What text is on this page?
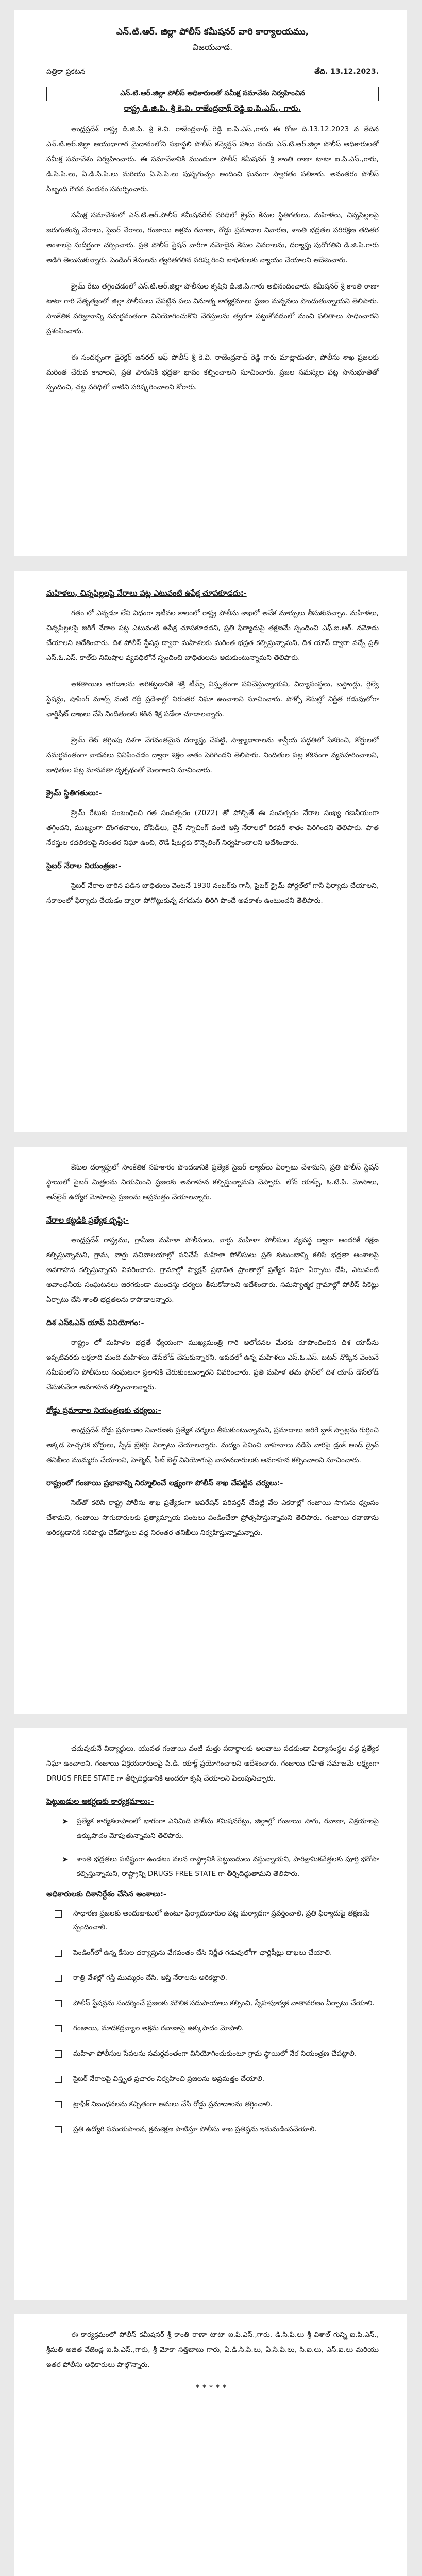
ఎన్.టి.ఆర్. జిల్లా పోలీస్ కమీషనర్ వారి కార్యాలయము,
విజయవాడ.
పత్రికా ప్రకటన	తేది. 13.12.2023.
ఎన్.టి.ఆర్.జిల్లా పోలీస్ అధికారులతో సమీక్ష సమావేశం నిర్వహించిన
రాష్ట్ర డి.జి.పి. శ్రీ కె.వి. రాజేంద్రనాథ్ రెడ్డి ఐ.పి.ఎస్., గారు.

ఆంధ్రప్రదేశ్ రాష్ట్ర డి.జి.పి. శ్రీ కె.వి. రాజేంద్రనాథ్ రెడ్డి ఐ.పి.ఎస్.,గారు ఈ రోజు ది.13.12.2023 వ తేదిన ఎన్.టి.ఆర్.జిల్లా ఆయుధాగార మైదానంలోని సభాస్థలి పోలీస్ కన్వెన్షన్ హాలు నందు ఎన్.టి.ఆర్.జిల్లా పోలీస్ అధికారులతో సమీక్ష సమావేశం నిర్వహించారు. ఈ సమావేశానికి ముందుగా పోలీస్ కమీషనర్ శ్రీ కాంతి రాణా టాటా ఐ.పి.ఎస్.,గారు, డి.సి.పి.లు, ఏ.డి.సి.పి.లు మరియు ఏ.సి.పి.లు పుష్పగుచ్చం అందించి ఘనంగా స్వాగతం పలికారు. అనంతరం పోలీస్ సిబ్బంది గౌరవ వందనం సమర్పించారు.

సమీక్ష సమావేశంలో ఎన్.టి.ఆర్.పోలీస్ కమీషనరేట్ పరిధిలో క్రైమ్ కేసుల స్థితిగతులు, మహిళలు, చిన్నపిల్లలపై జరుగుతున్న నేరాలు, సైబర్ నేరాలు, గంజాయి అక్రమ రవాణా, రోడ్డు ప్రమాదాల నివారణ, శాంతి భద్రతల పరిరక్షణ తదితర అంశాలపై సుదీర్ఘంగా చర్చించారు. ప్రతి పోలీస్ స్టేషన్ వారీగా నమోదైన కేసుల వివరాలను, దర్యాప్తు పురోగతిని డి.జి.పి.గారు అడిగి తెలుసుకున్నారు. పెండింగ్ కేసులను త్వరితగతిన పరిష్కరించి బాధితులకు న్యాయం చేయాలని ఆదేశించారు.

క్రైమ్ రేటు తగ్గించడంలో ఎన్.టి.ఆర్.జిల్లా పోలీసుల కృషిని డి.జి.పి.గారు అభినందించారు. కమీషనర్ శ్రీ కాంతి రాణా టాటా గారి నేతృత్వంలో జిల్లా పోలీసులు చేపట్టిన పలు వినూత్న కార్యక్రమాలు ప్రజల మన్ననలు పొందుతున్నాయని తెలిపారు. సాంకేతిక పరిజ్ఞానాన్ని సమర్థవంతంగా వినియోగించుకొని నేరస్తులను త్వరగా పట్టుకోవడంలో మంచి ఫలితాలు సాధించారని ప్రశంసించారు.

ఈ సందర్భంగా డైరెక్టర్ జనరల్ ఆఫ్ పోలీస్ శ్రీ కె.వి. రాజేంద్రనాథ్ రెడ్డి గారు మాట్లాడుతూ, పోలీసు శాఖ ప్రజలకు మరింత చేరువ కావాలని, ప్రతి పౌరునికి భద్రతా భావం కల్పించాలని సూచించారు. ప్రజల సమస్యల పట్ల సానుభూతితో స్పందించి, చట్ట పరిధిలో వాటిని పరిష్కరించాలని కోరారు.

మహిళలు, చిన్నపిల్లలపై నేరాలు పట్ల ఎటువంటి ఉపేక్ష చూపకూడదు:-

గతం లో ఎన్నడూ లేని విధంగా ఇటీవల కాలంలో రాష్ట్ర పోలీసు శాఖలో అనేక మార్పులు తీసుకువచ్చాం. మహిళలు, చిన్నపిల్లలపై జరిగే నేరాల పట్ల ఎటువంటి ఉపేక్ష చూపకూడదని, ప్రతి ఫిర్యాదుపై తక్షణమే స్పందించి ఎఫ్.ఐ.ఆర్. నమోదు చేయాలని ఆదేశించారు. దిశ పోలీస్ స్టేషన్ల ద్వారా మహిళలకు మరింత భద్రత కల్పిస్తున్నామని, దిశ యాప్ ద్వారా వచ్చే ప్రతి ఎస్.ఓ.ఎస్. కాల్‌కు నిమిషాల వ్యవధిలోనే స్పందించి బాధితులను ఆదుకుంటున్నామని తెలిపారు.

ఆకతాయిల ఆగడాలను అరికట్టడానికి శక్తి టీమ్స్ విస్తృతంగా పనిచేస్తున్నాయని, విద్యాసంస్థలు, బస్టాండ్లు, రైల్వే స్టేషన్లు, షాపింగ్ మాల్స్ వంటి రద్దీ ప్రదేశాల్లో నిరంతర నిఘా ఉంచాలని సూచించారు. పోక్సో కేసుల్లో నిర్ణీత గడువులోగా ఛార్జిషీట్ దాఖలు చేసి నిందితులకు కఠిన శిక్ష పడేలా చూడాలన్నారు.

క్రైమ్ రేట్ తగ్గింపు దిశగా వేగవంతమైన దర్యాప్తు చేపట్టి, సాక్ష్యాధారాలను శాస్త్రీయ పద్ధతిలో సేకరించి, కోర్టులలో సమర్థవంతంగా వాదనలు వినిపించడం ద్వారా శిక్షల శాతం పెరిగిందని తెలిపారు. నిందితుల పట్ల కఠినంగా వ్యవహరించాలని, బాధితుల పట్ల మానవతా దృక్పథంతో మెలగాలని సూచించారు.

క్రైమ్ స్థితిగతులు:-

క్రైమ్ రేటుకు సంబంధించి గత సంవత్సరం (2022) తో పోల్చితే ఈ సంవత్సరం నేరాల సంఖ్య గణనీయంగా తగ్గిందని, ముఖ్యంగా దొంగతనాలు, దోపిడీలు, చైన్ స్నాచింగ్ వంటి ఆస్తి నేరాలలో రికవరీ శాతం పెరిగిందని తెలిపారు. పాత నేరస్తుల కదలికలపై నిరంతర నిఘా ఉంచి, రౌడీ షీటర్లకు కౌన్సెలింగ్ నిర్వహించాలని ఆదేశించారు.

సైబర్ నేరాల నియంత్రణ:-

సైబర్ నేరాల బారిన పడిన బాధితులు వెంటనే 1930 నంబర్‌కు గానీ, సైబర్ క్రైమ్ పోర్టల్‌లో గానీ ఫిర్యాదు చేయాలని, సకాలంలో ఫిర్యాదు చేయడం ద్వారా పోగొట్టుకున్న నగదును తిరిగి పొందే అవకాశం ఉంటుందని తెలిపారు.

కేసుల దర్యాప్తులో సాంకేతిక సహకారం పొందడానికి ప్రత్యేక సైబర్ ల్యాబ్‌లు ఏర్పాటు చేశామని, ప్రతి పోలీస్ స్టేషన్ స్థాయిలో సైబర్ మిత్రలను నియమించి ప్రజలకు అవగాహన కల్పిస్తున్నామని చెప్పారు. లోన్ యాప్స్, ఓ.టి.పి. మోసాలు, ఆన్‌లైన్ ఉద్యోగ మోసాలపై ప్రజలను అప్రమత్తం చేయాలన్నారు.

నేరాల కట్టడికి ప్రత్యేక దృష్టి:-

ఆంధ్రప్రదేశ్ రాష్ట్రము, గ్రామీణ మహిళా పోలీసులు, వార్డు మహిళా పోలీసుల వ్యవస్థ ద్వారా అందరికీ రక్షణ కల్పిస్తున్నామని, గ్రామ, వార్డు సచివాలయాల్లో పనిచేసే మహిళా పోలీసులు ప్రతి కుటుంబాన్ని కలిసి భద్రతా అంశాలపై అవగాహన కల్పిస్తున్నారని వివరించారు. గ్రామాల్లో ఫ్యాక్షన్ ప్రభావిత ప్రాంతాల్లో ప్రత్యేక నిఘా ఏర్పాటు చేసి, ఎటువంటి అవాంఛనీయ సంఘటనలు జరగకుండా ముందస్తు చర్యలు తీసుకోవాలని ఆదేశించారు. సమస్యాత్మక గ్రామాల్లో పోలీస్ పికెట్లు ఏర్పాటు చేసి శాంతి భద్రతలను కాపాడాలన్నారు.

దిశ ఎస్ఓఎస్ యాప్ వినియోగం:-

రాష్ట్రం లో మహిళల భద్రతే ధ్యేయంగా ముఖ్యమంత్రి గారి ఆలోచనల మేరకు రూపొందించిన దిశ యాప్‌ను ఇప్పటివరకు లక్షలాది మంది మహిళలు డౌన్‌లోడ్ చేసుకున్నారని, ఆపదలో ఉన్న మహిళలు ఎస్.ఓ.ఎస్. బటన్ నొక్కిన వెంటనే సమీపంలోని పోలీసులు సంఘటనా స్థలానికి చేరుకుంటున్నారని వివరించారు. ప్రతి మహిళ తమ ఫోన్‌లో దిశ యాప్ డౌన్‌లోడ్ చేసుకునేలా అవగాహన కల్పించాలన్నారు.

రోడ్డు ప్రమాదాల నియంత్రణకు చర్యలు:-

ఆంధ్రప్రదేశ్ రోడ్డు ప్రమాదాల నివారణకు ప్రత్యేక చర్యలు తీసుకుంటున్నామని, ప్రమాదాలు జరిగే బ్లాక్ స్పాట్లను గుర్తించి అక్కడ హెచ్చరిక బోర్డులు, స్పీడ్ బ్రేకర్లు ఏర్పాటు చేయాలన్నారు. మద్యం సేవించి వాహనాలు నడిపే వారిపై డ్రంక్ అండ్ డ్రైవ్ తనిఖీలు ముమ్మరం చేయాలని, హెల్మెట్, సీట్ బెల్ట్ వినియోగంపై వాహనదారులకు అవగాహన కల్పించాలని సూచించారు.

రాష్ట్రంలో గంజాయి ప్రభావాన్ని నిర్మూలించే లక్ష్యంగా పోలీస్ శాఖ చేపట్టిన చర్యలు:-

సెబ్‌తో కలిసి రాష్ట్ర పోలీసు శాఖ ప్రత్యేకంగా ఆపరేషన్ పరివర్తన్ చేపట్టి వేల ఎకరాల్లో గంజాయి సాగును ధ్వంసం చేశామని, గంజాయి సాగుదారులకు ప్రత్యామ్నాయ పంటలు పండించేలా ప్రోత్సహిస్తున్నామని తెలిపారు. గంజాయి రవాణాను అరికట్టడానికి సరిహద్దు చెక్‌పోస్టుల వద్ద నిరంతర తనిఖీలు నిర్వహిస్తున్నామన్నారు.

చదువుకునే విద్యార్థులు, యువత గంజాయి వంటి మత్తు పదార్థాలకు అలవాటు పడకుండా విద్యాసంస్థల వద్ద ప్రత్యేక నిఘా ఉంచాలని, గంజాయి విక్రయదారులపై పి.డి. యాక్ట్ ప్రయోగించాలని ఆదేశించారు. గంజాయి రహిత సమాజమే లక్ష్యంగా DRUGS FREE STATE గా తీర్చిదిద్దడానికి అందరూ కృషి చేయాలని పిలుపునిచ్చారు.

పెట్టుబడుల ఆకర్షణకు కార్యక్రమాలు:-
➤ ప్రత్యేక కార్యకలాపాలలో భాగంగా ఎనిమిది పోలీసు కమిషనరేట్లు, జిల్లాల్లో గంజాయి సాగు, రవాణా, విక్రయాలపై ఉక్కుపాదం మోపుతున్నామని తెలిపారు.
➤ శాంతి భద్రతలు పటిష్టంగా ఉండటం వలన రాష్ట్రానికి పెట్టుబడులు వస్తున్నాయని, పారిశ్రామికవేత్తలకు పూర్తి భరోసా కల్పిస్తున్నామని, రాష్ట్రాన్ని DRUGS FREE STATE గా తీర్చిదిద్దుతామని తెలిపారు.
అధికారులకు దిశానిర్దేశం చేసిన అంశాలు:-
సాధారణ ప్రజలకు అందుబాటులో ఉంటూ ఫిర్యాదుదారుల పట్ల మర్యాదగా ప్రవర్తించాలి, ప్రతి ఫిర్యాదుపై తక్షణమే స్పందించాలి.
పెండింగ్‌లో ఉన్న కేసుల దర్యాప్తును వేగవంతం చేసి నిర్ణీత గడువులోగా ఛార్జిషీట్లు దాఖలు చేయాలి.
రాత్రి వేళల్లో గస్తీ ముమ్మరం చేసి, ఆస్తి నేరాలను అరికట్టాలి.
పోలీస్ స్టేషన్లను సందర్శించే ప్రజలకు మౌలిక సదుపాయాలు కల్పించి, స్నేహపూర్వక వాతావరణం ఏర్పాటు చేయాలి.
గంజాయి, మాదకద్రవ్యాల అక్రమ రవాణాపై ఉక్కుపాదం మోపాలి.
మహిళా పోలీసుల సేవలను సమర్థవంతంగా వినియోగించుకుంటూ గ్రామ స్థాయిలో నేర నియంత్రణ చేపట్టాలి.
సైబర్ నేరాలపై విస్తృత ప్రచారం నిర్వహించి ప్రజలను అప్రమత్తం చేయాలి.
ట్రాఫిక్ నిబంధనలను కచ్చితంగా అమలు చేసి రోడ్డు ప్రమాదాలను తగ్గించాలి.
ప్రతి ఉద్యోగి సమయపాలన, క్రమశిక్షణ పాటిస్తూ పోలీసు శాఖ ప్రతిష్ఠను ఇనుమడింపచేయాలి.

ఈ కార్యక్రమంలో పోలీస్ కమీషనర్ శ్రీ కాంతి రాణా టాటా ఐ.పి.ఎస్.,గారు, డి.సి.పి.లు శ్రీ విశాల్ గున్ని ఐ.పి.ఎస్., శ్రీమతి అజిత వేజెండ్ల ఐ.పి.ఎస్.,గారు, శ్రీ మోకా సత్తిబాబు గారు, ఏ.డి.సి.పి.లు, ఏ.సి.పి.లు, సి.ఐ.లు, ఎస్.ఐ.లు మరియు ఇతర పోలీసు అధికారులు పాల్గొన్నారు.

*****
